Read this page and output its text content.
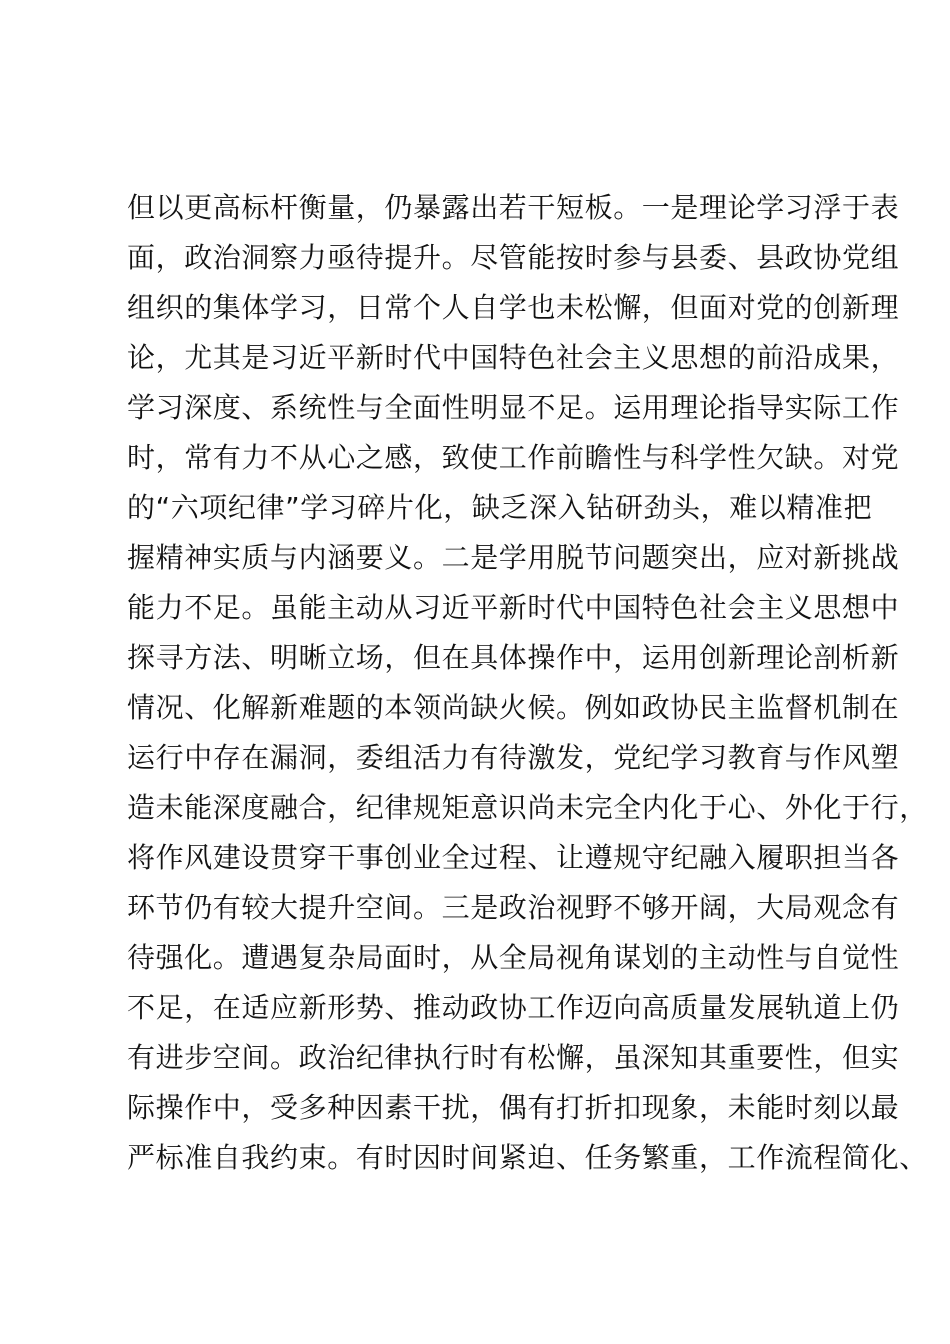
但以更高标杆衡量，仍暴露出若干短板。一是理论学习浮于表
面，政治洞察力亟待提升。尽管能按时参与县委、县政协党组
组织的集体学习，日常个人自学也未松懈，但面对党的创新理
论，尤其是习近平新时代中国特色社会主义思想的前沿成果，
学习深度、系统性与全面性明显不足。运用理论指导实际工作
时，常有力不从心之感，致使工作前瞻性与科学性欠缺。对党
的“六项纪律”学习碎片化，缺乏深入钻研劲头，难以精准把
握精神实质与内涵要义。二是学用脱节问题突出，应对新挑战
能力不足。虽能主动从习近平新时代中国特色社会主义思想中
探寻方法、明晰立场，但在具体操作中，运用创新理论剖析新
情况、化解新难题的本领尚缺火候。例如政协民主监督机制在
运行中存在漏洞，委组活力有待激发，党纪学习教育与作风塑
造未能深度融合，纪律规矩意识尚未完全内化于心、外化于行，
将作风建设贯穿干事创业全过程、让遵规守纪融入履职担当各
环节仍有较大提升空间。三是政治视野不够开阔，大局观念有
待强化。遭遇复杂局面时，从全局视角谋划的主动性与自觉性
不足，在适应新形势、推动政协工作迈向高质量发展轨道上仍
有进步空间。政治纪律执行时有松懈，虽深知其重要性，但实
际操作中，受多种因素干扰，偶有打折扣现象，未能时刻以最
严标准自我约束。有时因时间紧迫、任务繁重，工作流程简化、
